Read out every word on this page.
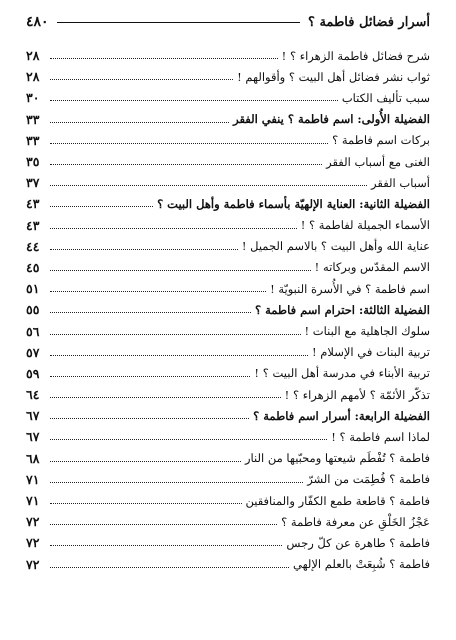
أسرار فضائل فاطمة ؟
٤٨٠
شرح فضائل فاطمة الزهراء ؟ !
٢٨
ثواب نشر فضائل أهل البيت ؟ وأقوالهم !
٢٨
سبب تأليف الكتاب
٣٠
الفضيلة الأُولى: اسم فاطمة ؟ ينفي الفقر
٣٣
بركات اسم فاطمة ؟
٣٣
الغنى مع أسباب الفقر
٣٥
أسباب الفقر
٣٧
الفضيلة الثانية: العناية الإلهيّة بأسماء فاطمة وأهل البيت ؟
٤٣
الأسماء الجميلة لفاطمة ؟ !
٤٣
عناية الله وأهل البيت ؟ بالاسم الجميل !
٤٤
الاسم المقدّس وبركاته !
٤٥
اسم فاطمة ؟ في الأُسرة النبويّة !
٥١
الفضيلة الثالثة: احترام اسم فاطمة ؟
٥٥
سلوك الجاهلية مع البنات !
٥٦
تربية البنات في الإسلام !
٥٧
تربية الأبناء في مدرسة أهل البيت ؟ !
٥٩
تذكّر الأئمّة ؟ لأمهم الزهراء ؟ !
٦٤
الفضيلة الرابعة: أسرار اسم فاطمة ؟
٦٧
لماذا اسم فاطمة ؟ !
٦٧
فاطمة ؟ تُفْطَم شيعتها ومحبّيها من النار
٦٨
فاطمة ؟ فُطِمَت من الشرّ
٧١
فاطمة ؟ قاطعة طمع الكفّار والمنافقين
٧١
عَجْزُ الخَلْقِ عن معرفة فاطمة ؟
٧٢
فاطمة ؟ طاهرة عن كلّ رجس
٧٢
فاطمة ؟ شُبِعَتْ بالعلم الإلهي
٧٢
